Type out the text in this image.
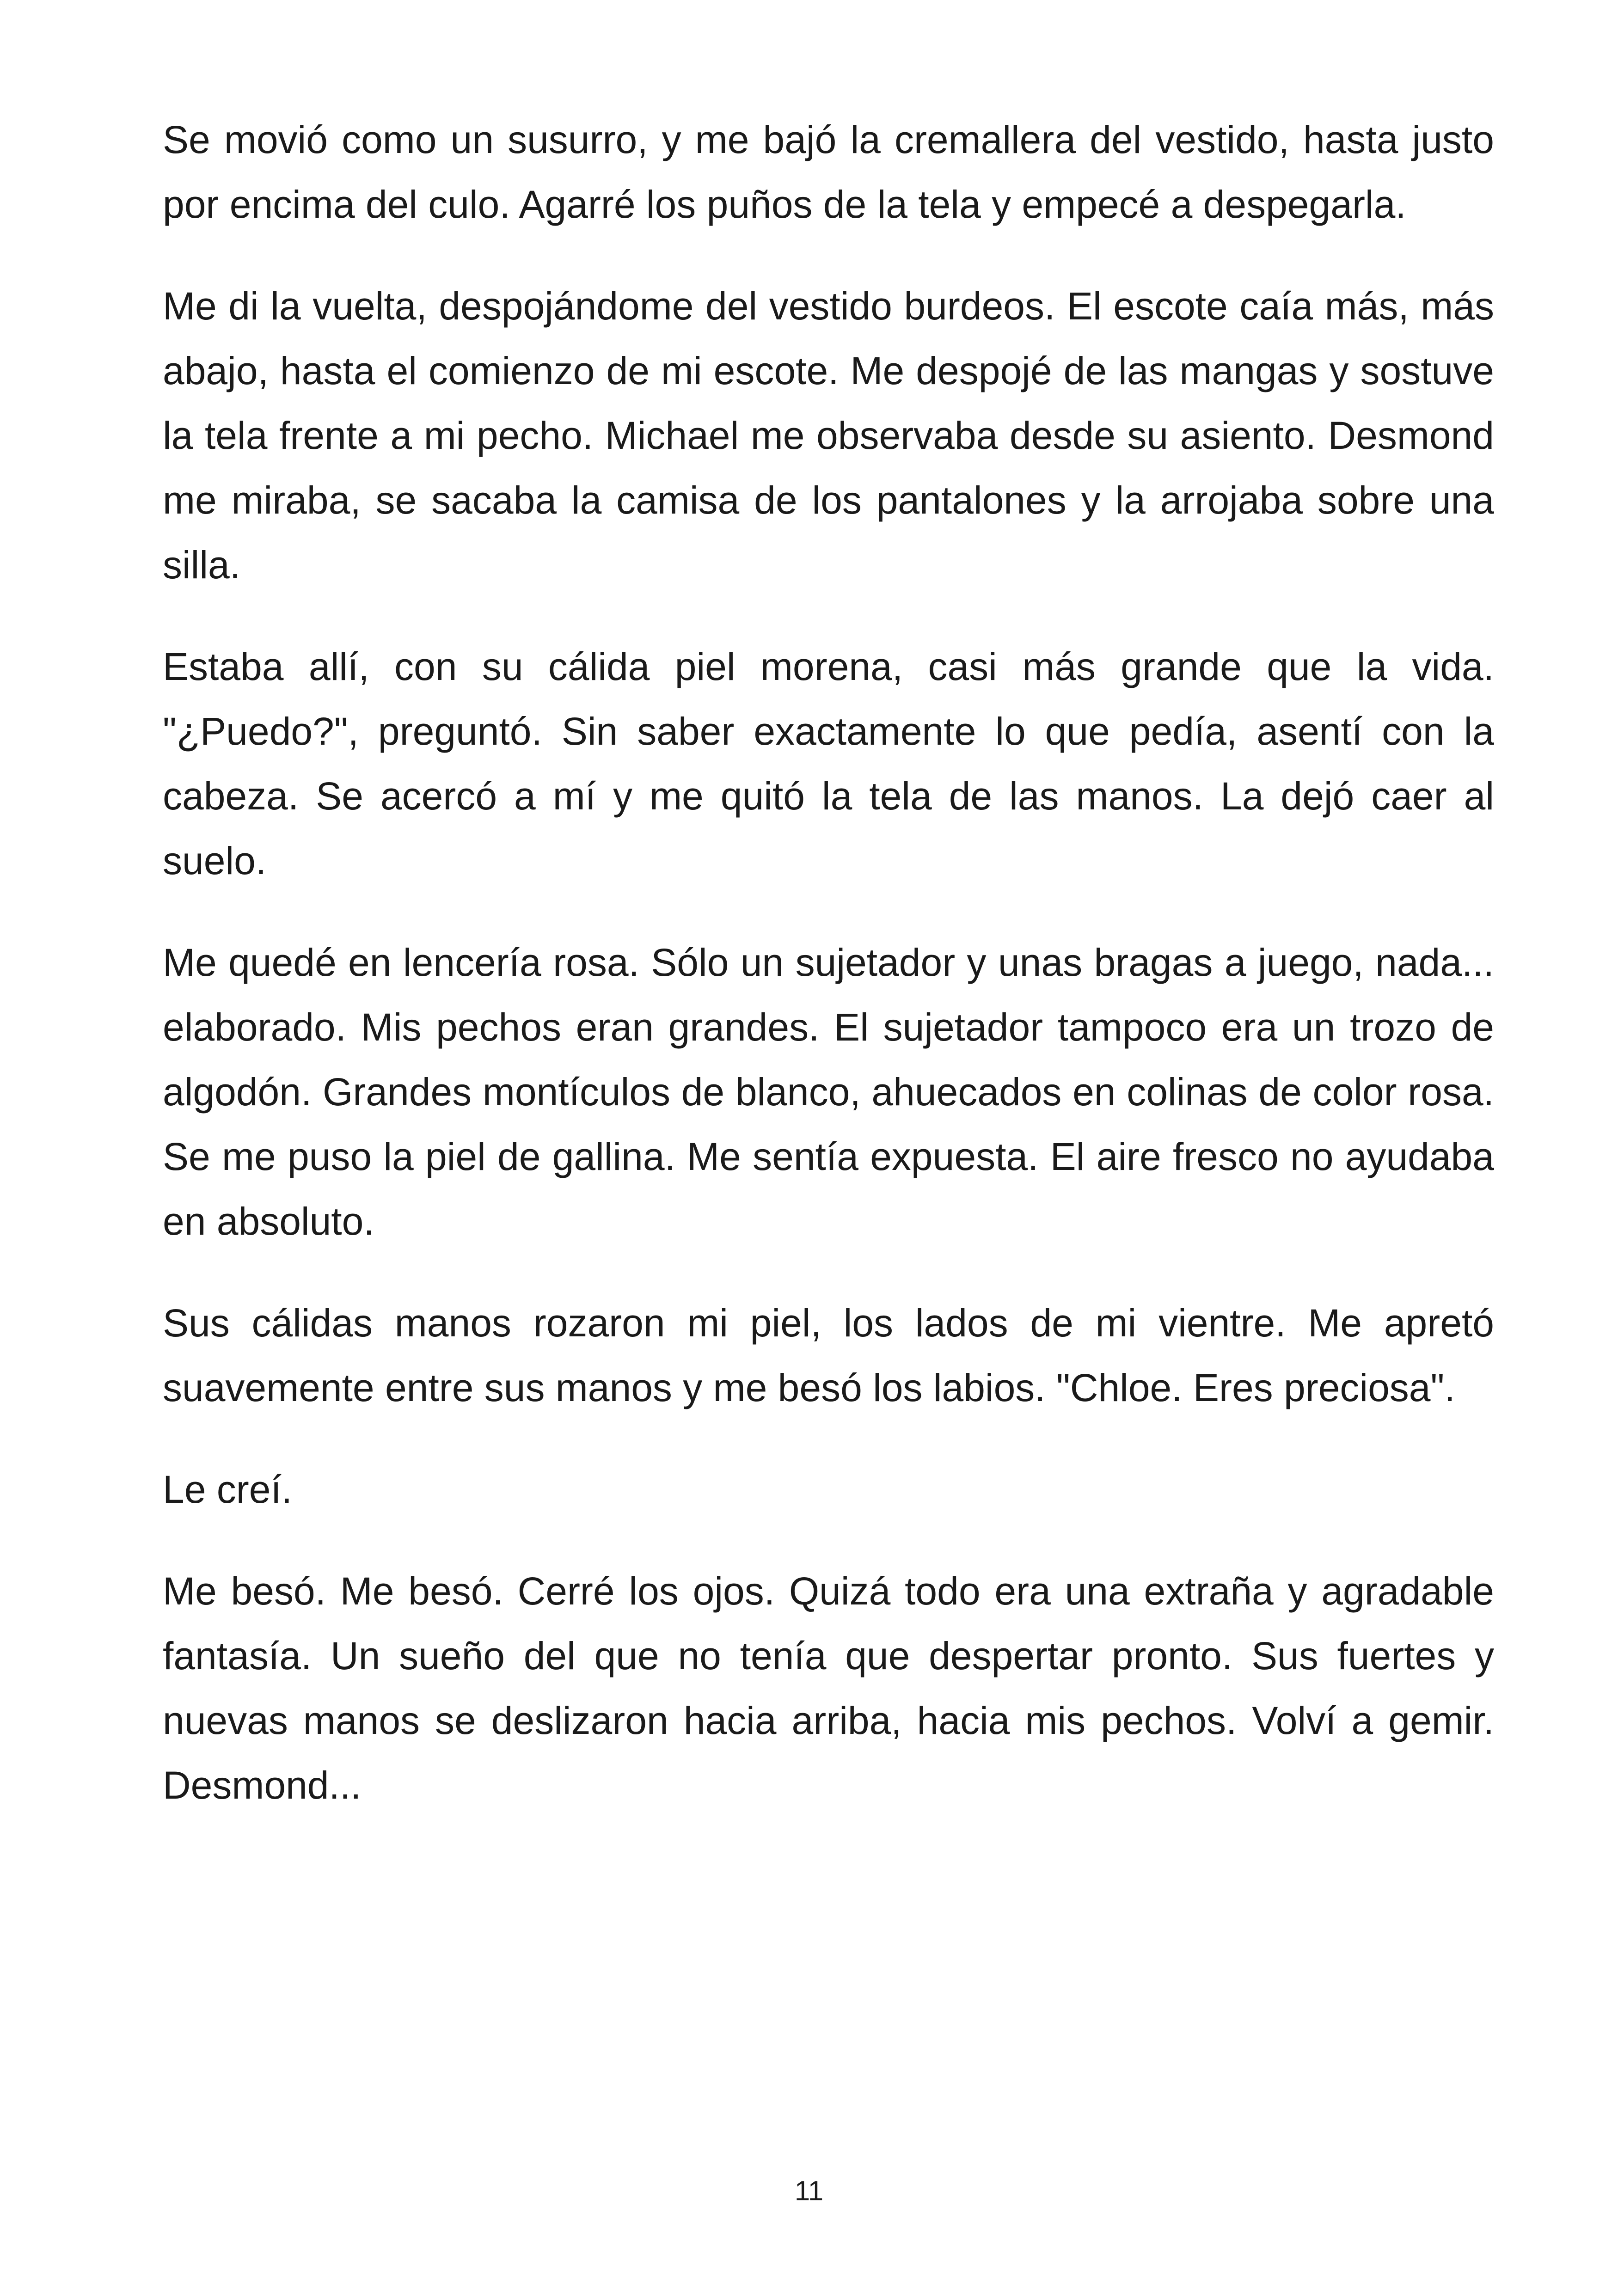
Se movió como un susurro, y me bajó la cremallera del vestido, hasta justo por encima del culo. Agarré los puños de la tela y empecé a despegarla.

Me di la vuelta, despojándome del vestido burdeos. El escote caía más, más abajo, hasta el comienzo de mi escote. Me despojé de las mangas y sostuve la tela frente a mi pecho. Michael me observaba desde su asiento. Desmond me miraba, se sacaba la camisa de los pantalones y la arrojaba sobre una silla.

Estaba allí, con su cálida piel morena, casi más grande que la vida. "¿Puedo?", preguntó. Sin saber exactamente lo que pedía, asentí con la cabeza. Se acercó a mí y me quitó la tela de las manos. La dejó caer al suelo.

Me quedé en lencería rosa. Sólo un sujetador y unas bragas a juego, nada... elaborado. Mis pechos eran grandes. El sujetador tampoco era un trozo de algodón. Grandes montículos de blanco, ahuecados en colinas de color rosa. Se me puso la piel de gallina. Me sentía expuesta. El aire fresco no ayudaba en absoluto.

Sus cálidas manos rozaron mi piel, los lados de mi vientre. Me apretó suavemente entre sus manos y me besó los labios. "Chloe. Eres preciosa".

Le creí.

Me besó. Me besó. Cerré los ojos. Quizá todo era una extraña y agradable fantasía. Un sueño del que no tenía que despertar pronto. Sus fuertes y nuevas manos se deslizaron hacia arriba, hacia mis pechos. Volví a gemir. Desmond...

11
